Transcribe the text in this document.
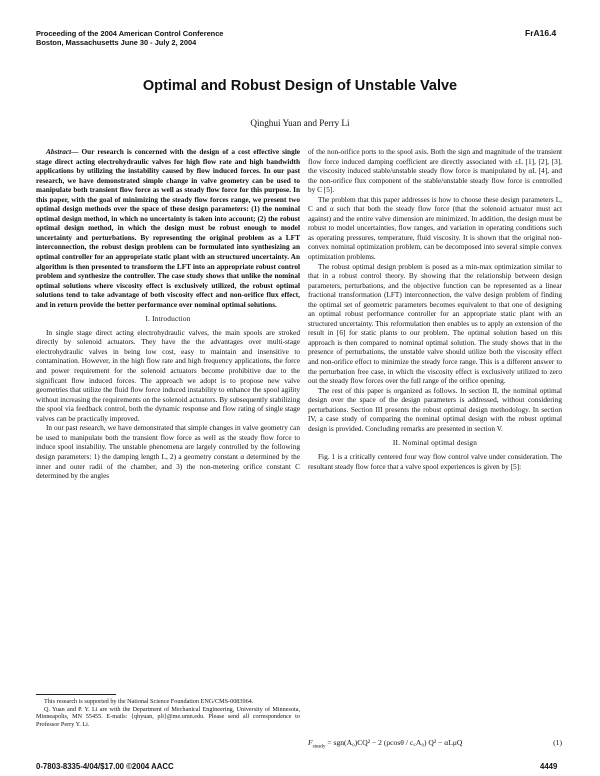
Proceeding of the 2004 American Control Conference
Boston, Massachusetts June 30 - July 2, 2004
FrA16.4
Optimal and Robust Design of Unstable Valve
Qinghui Yuan and Perry Li

Abstract— Our research is concerned with the design of a cost effective single stage direct acting electrohydraulic valves for high flow rate and high bandwidth applications by utilizing the instability caused by flow induced forces. In our past research, we have demonstrated simple change in valve geometry can be used to manipulate both transient flow force as well as steady flow force for this purpose. In this paper, with the goal of minimizing the steady flow forces range, we present two optimal design methods over the space of these design parameters: (1) the nominal optimal design method, in which no uncertainty is taken into account; (2) the robust optimal design method, in which the design must be robust enough to model uncertainty and perturbations. By representing the original problem as a LFT interconnection, the robust design problem can be formulated into synthesizing an optimal controller for an appropriate static plant with an structured uncertainty. An algorithm is then presented to transform the LFT into an appropriate robust control problem and synthesize the controller. The case study shows that unlike the nominal optimal solutions where viscosity effect is exclusively utilized, the robust optimal solutions tend to take advantage of both viscosity effect and non-orifice flux effect, and in return provide the better performance over nominal optimal solutions.

I. Introduction

In single stage direct acting electrohydraulic valves, the main spools are stroked directly by solenoid actuators. They have the the advantages over multi-stage electrohydraulic valves in being low cost, easy to maintain and insensitive to contamination. However, in the high flow rate and high frequency applications, the force and power requirement for the solenoid actuators become prohibitive due to the significant flow induced forces. The approach we adopt is to propose new valve geometries that utilize the fluid flow force induced instability to enhance the spool agility without increasing the requirements on the solenoid actuators. By subsequently stabilizing the spool via feedback control, both the dynamic response and flow rating of single stage valves can be practically improved.

In our past research, we have demonstrated that simple changes in valve geometry can be used to manipulate both the transient flow force as well as the steady flow force to induce spool instability. The unstable phenomena are largely controlled by the following design parameters: 1) the damping length L, 2) a geometry constant α determined by the inner and outer radii of the chamber, and 3) the non-metering orifice constant C determined by the angles

This research is supported by the National Science Foundation ENG/CMS-0083964.

Q. Yuan and P. Y. Li are with the Department of Mechanical Engineering, University of Minnesota, Minneapolis, MN 55455. E-mails: {qhyuan, pli}@me.umn.edu. Please send all correspondence to Professor Perry Y. Li.

of the non-orifice ports to the spool axis. Both the sign and magnitude of the transient flow force induced damping coefficient are directly associated with ±L [1], [2], [3], the viscosity induced stable/unstable steady flow force is manipulated by αL [4], and the non-orifice flux component of the stable/unstable steady flow force is controlled by C [5].

The problem that this paper addresses is how to choose these design parameters L, C and α such that both the steady flow force (that the solenoid actuator must act against) and the entire valve dimension are minimized. In addition, the design must be robust to model uncertainties, flow ranges, and variation in operating conditions such as operating pressures, temperature, fluid viscosity. It is shown that the original non-convex nominal optimization problem, can be decomposed into several simple convex optimization problems.

The robust optimal design problem is posed as a min-max optimization similar to that in a robust control theory. By showing that the relationship between design parameters, perturbations, and the objective function can be represented as a linear fractional transformation (LFT) interconnection, the valve design problem of finding the optimal set of geometric parameters becomes equivalent to that one of designing an optimal robust performance controller for an appropriate static plant with an structured uncertainty. This reformulation then enables us to apply an extension of the result in [6] for static plants to our problem. The optimal solution based on this approach is then compared to nominal optimal solution. The study shows that in the presence of perturbations, the unstable valve should utilize both the viscosity effect and non-orifice effect to minimize the steady force range. This is a different answer to the perturbation free case, in which the viscosity effect is exclusively utilized to zero out the steady flow forces over the full range of the orifice opening.

The rest of this paper is organized as follows. In section II, the nominal optimal design over the space of the design parameters is addressed, without considering perturbations. Section III presents the robust optimal design methodology. In section IV, a case study of comparing the nominal optimal design with the robust optimal design is provided. Concluding remarks are presented in section V.

II. Nominal optimal design

Fig. 1 is a critically centered four way flow control valve under consideration. The resultant steady flow force that a valve spool experiences is given by [5]:

$F_{steady} = sgn(A_0)CQ^2 - 2$ (ρcosθ / c꜀A₀) Q² − αLμQ	(1)
0-7803-8335-4/04/$17.00 ©2004 AACC	4449
